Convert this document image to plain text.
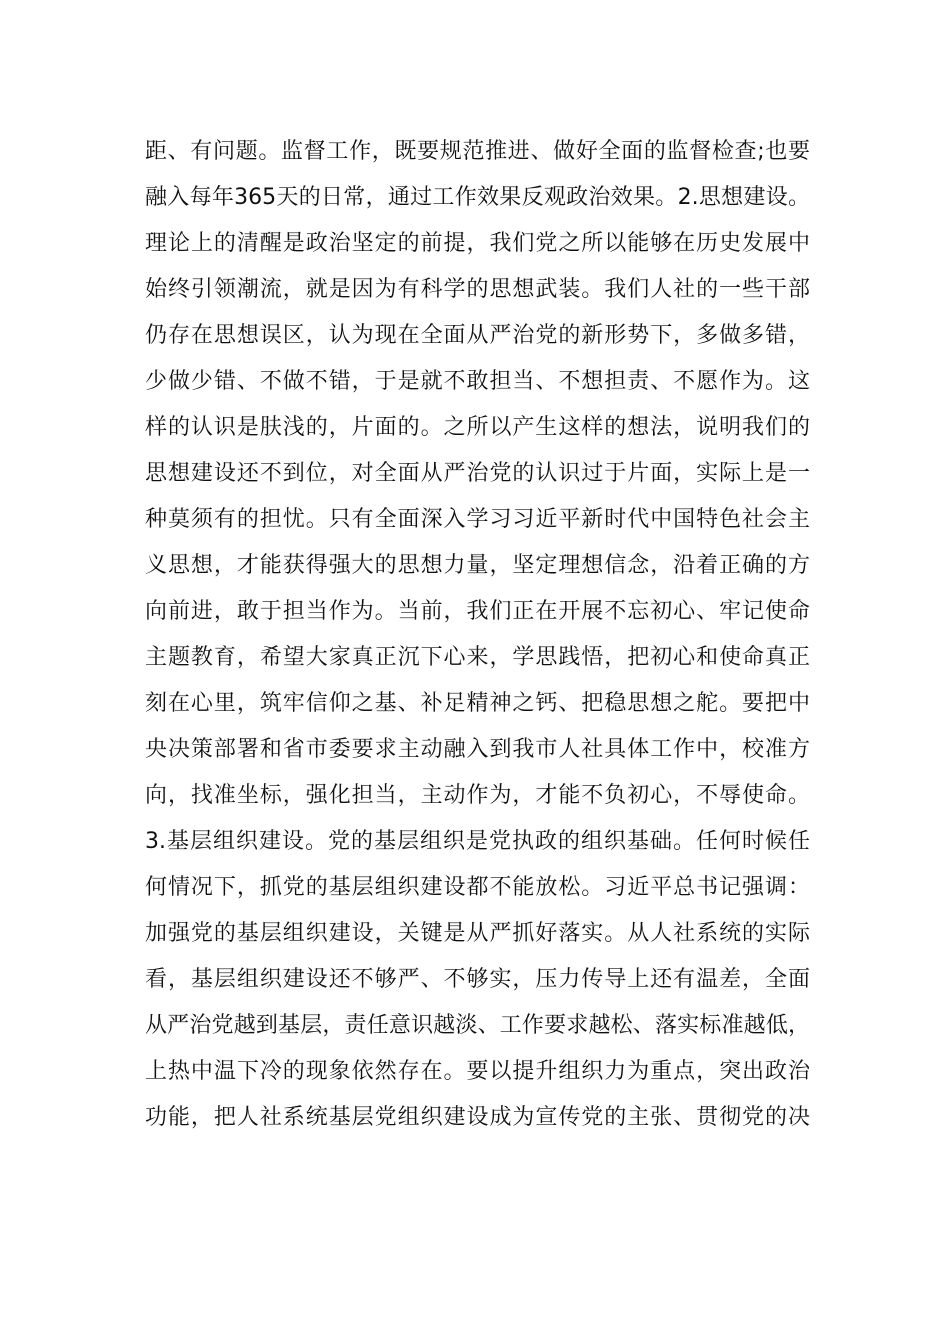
距、有问题。监督工作，既要规范推进、做好全面的监督检查;也要
融入每年365天的日常，通过工作效果反观政治效果。2.思想建设。
理论上的清醒是政治坚定的前提，我们党之所以能够在历史发展中
始终引领潮流，就是因为有科学的思想武装。我们人社的一些干部
仍存在思想误区，认为现在全面从严治党的新形势下，多做多错，
少做少错、不做不错，于是就不敢担当、不想担责、不愿作为。这
样的认识是肤浅的，片面的。之所以产生这样的想法，说明我们的
思想建设还不到位，对全面从严治党的认识过于片面，实际上是一
种莫须有的担忧。只有全面深入学习习近平新时代中国特色社会主
义思想，才能获得强大的思想力量，坚定理想信念，沿着正确的方
向前进，敢于担当作为。当前，我们正在开展不忘初心、牢记使命
主题教育，希望大家真正沉下心来，学思践悟，把初心和使命真正
刻在心里，筑牢信仰之基、补足精神之钙、把稳思想之舵。要把中
央决策部署和省市委要求主动融入到我市人社具体工作中，校准方
向，找准坐标，强化担当，主动作为，才能不负初心，不辱使命。
3.基层组织建设。党的基层组织是党执政的组织基础。任何时候任
何情况下，抓党的基层组织建设都不能放松。习近平总书记强调：
加强党的基层组织建设，关键是从严抓好落实。从人社系统的实际
看，基层组织建设还不够严、不够实，压力传导上还有温差，全面
从严治党越到基层，责任意识越淡、工作要求越松、落实标准越低，
上热中温下冷的现象依然存在。要以提升组织力为重点，突出政治
功能，把人社系统基层党组织建设成为宣传党的主张、贯彻党的决
